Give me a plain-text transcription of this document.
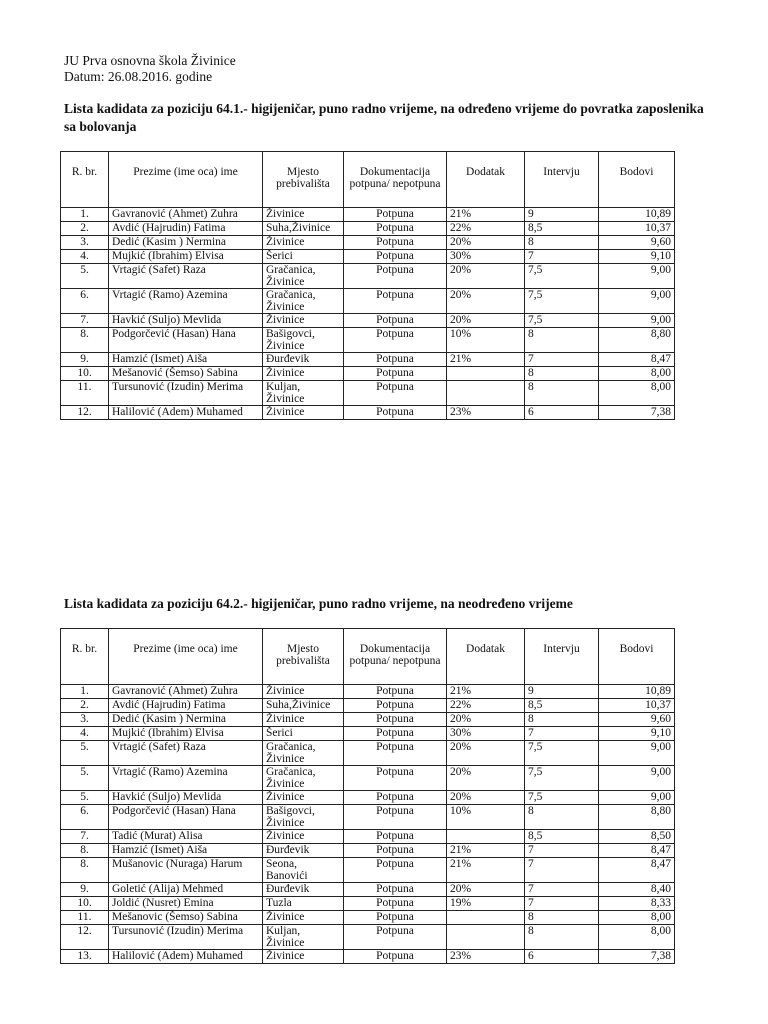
JU Prva osnovna škola Živinice
Datum: 26.08.2016. godine
Lista kadidata za poziciju 64.1.- higijeničar, puno radno vrijeme, na određeno vrijeme do povratka zaposlenika sa bolovanja
R. br.	Prezime (ime oca) ime	Mjesto prebivališta	Dokumentacija potpuna/ nepotpuna	Dodatak	Intervju	Bodovi
1.	Gavranović (Ahmet) Zuhra	Živinice	Potpuna	21%	9	10,89
2.	Avdić (Hajrudin) Fatima	Suha,Živinice	Potpuna	22%	8,5	10,37
3.	Dedić (Kasim ) Nermina	Živinice	Potpuna	20%	8	9,60
4.	Mujkić (Ibrahim) Elvisa	Šerici	Potpuna	30%	7	9,10
5.	Vrtagić (Safet) Raza	Gračanica, Živinice	Potpuna	20%	7,5	9,00
6.	Vrtagić (Ramo) Azemina	Gračanica, Živinice	Potpuna	20%	7,5	9,00
7.	Havkić (Suljo) Mevlida	Živinice	Potpuna	20%	7,5	9,00
8.	Podgorčević (Hasan) Hana	Bašigovci, Živinice	Potpuna	10%	8	8,80
9.	Hamzić (Ismet) Aiša	Đurđevik	Potpuna	21%	7	8,47
10.	Mešanović (Šemso) Sabina	Živinice	Potpuna		8	8,00
11.	Tursunović (Izudin) Merima	Kuljan, Živinice	Potpuna		8	8,00
12.	Halilović (Adem) Muhamed	Živinice	Potpuna	23%	6	7,38
Lista kadidata za poziciju 64.2.- higijeničar, puno radno vrijeme, na neodređeno vrijeme
R. br.	Prezime (ime oca) ime	Mjesto prebivališta	Dokumentacija potpuna/ nepotpuna	Dodatak	Intervju	Bodovi
1.	Gavranović (Ahmet) Zuhra	Živinice	Potpuna	21%	9	10,89
2.	Avdić (Hajrudin) Fatima	Suha,Živinice	Potpuna	22%	8,5	10,37
3.	Dedić (Kasim ) Nermina	Živinice	Potpuna	20%	8	9,60
4.	Mujkić (Ibrahim) Elvisa	Šerici	Potpuna	30%	7	9,10
5.	Vrtagić (Safet) Raza	Gračanica, Živinice	Potpuna	20%	7,5	9,00
5.	Vrtagić (Ramo) Azemina	Gračanica, Živinice	Potpuna	20%	7,5	9,00
5.	Havkić (Suljo) Mevlida	Živinice	Potpuna	20%	7,5	9,00
6.	Podgorčević (Hasan) Hana	Bašigovci, Živinice	Potpuna	10%	8	8,80
7.	Tadić (Murat) Alisa	Živinice	Potpuna		8,5	8,50
8.	Hamzić (Ismet) Aiša	Đurđevik	Potpuna	21%	7	8,47
8.	Mušanovic (Nuraga) Harum	Seona, Banovići	Potpuna	21%	7	8,47
9.	Goletić (Alija) Mehmed	Đurđevik	Potpuna	20%	7	8,40
10.	Joldić (Nusret) Emina	Tuzla	Potpuna	19%	7	8,33
11.	Mešanovic (Šemso) Sabina	Živinice	Potpuna		8	8,00
12.	Tursunović (Izudin) Merima	Kuljan, Živinice	Potpuna		8	8,00
13.	Halilović (Adem) Muhamed	Živinice	Potpuna	23%	6	7,38
